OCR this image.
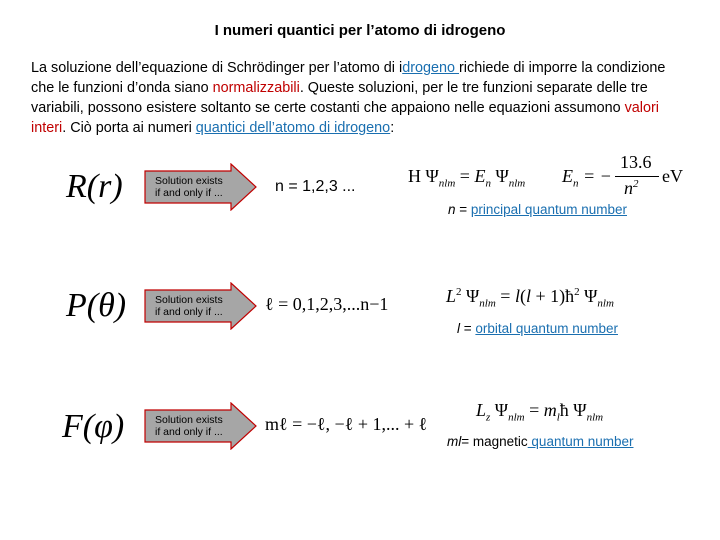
I numeri quantici per l’atomo di idrogeno
La soluzione dell’equazione di Schrödinger per l’atomo di idrogeno richiede di imporre la condizione che le funzioni d’onda siano normalizzabili. Queste soluzioni, per le tre funzioni separate delle tre variabili, possono esistere soltanto se certe costanti che appaiono nelle equazioni assumono valori interi. Ciò porta ai numeri quantici dell’atomo di idrogeno:
R(r)	Solution exists
if and only if ...	n = 1,2,3 ...
H $\Psi_{nlm} = E_n$ $\Psi_{nlm}$ $E_n$ = −
13.6
$n^2$ eV
n = principal quantum number
P(θ)	Solution exists
if and only if ... ℓ = 0,1,2,3,...n−1	$L^2$ $\Psi_{nlm} = l(l$ + $1)ħ^2$ $\Psi_{nlm}$
l = orbital quantum number
F(φ)	Solution exists
if and only if ... mℓ = −ℓ, −ℓ + 1,... + ℓ
$L_z$ $\Psi_{nlm}$ = $m_lħ$ $\Psi_{nlm}$
ml= magnetic quantum number
